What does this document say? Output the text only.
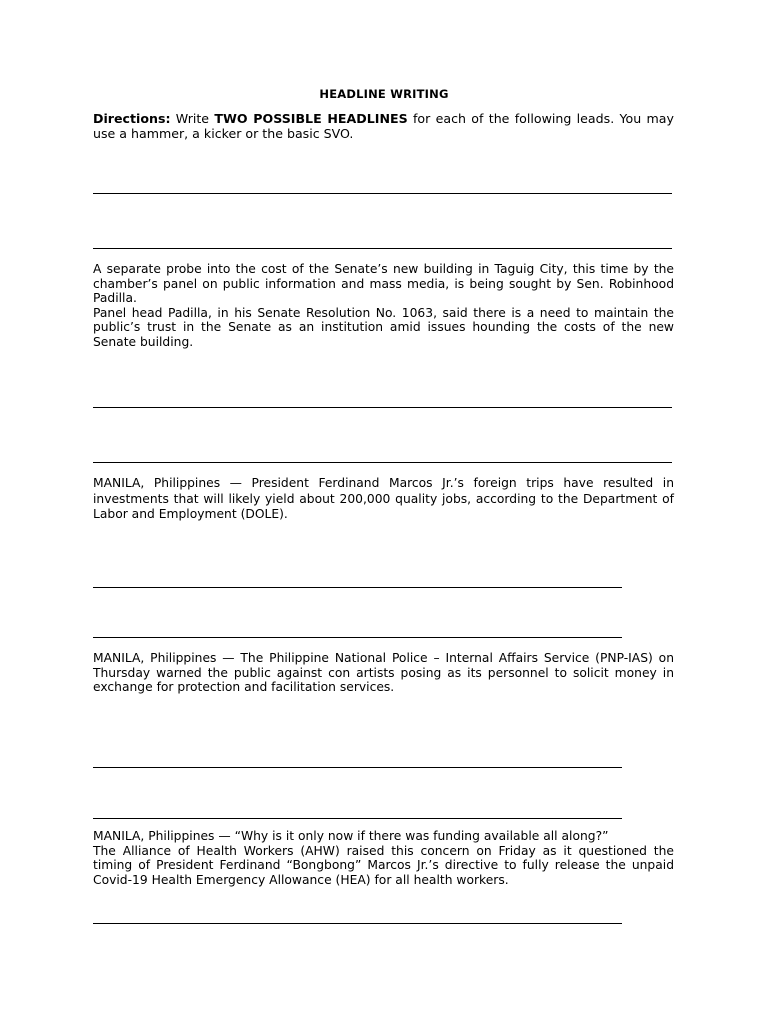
HEADLINE WRITING
Directions: Write TWO POSSIBLE HEADLINES for each of the following leads. You may use a hammer, a kicker or the basic SVO.

A separate probe into the cost of the Senate’s new building in Taguig City, this time by the chamber’s panel on public information and mass media, is being sought by Sen. Robinhood Padilla.

Panel head Padilla, in his Senate Resolution No. 1063, said there is a need to maintain the public’s trust in the Senate as an institution amid issues hounding the costs of the new Senate building.

MANILA, Philippines — President Ferdinand Marcos Jr.’s foreign trips have resulted in investments that will likely yield about 200,000 quality jobs, according to the Department of Labor and Employment (DOLE).

MANILA, Philippines — The Philippine National Police – Internal Affairs Service (PNP-IAS) on Thursday warned the public against con artists posing as its personnel to solicit money in exchange for protection and facilitation services.

MANILA, Philippines — “Why is it only now if there was funding available all along?”

The Alliance of Health Workers (AHW) raised this concern on Friday as it questioned the timing of President Ferdinand “Bongbong” Marcos Jr.’s directive to fully release the unpaid Covid-19 Health Emergency Allowance (HEA) for all health workers.
